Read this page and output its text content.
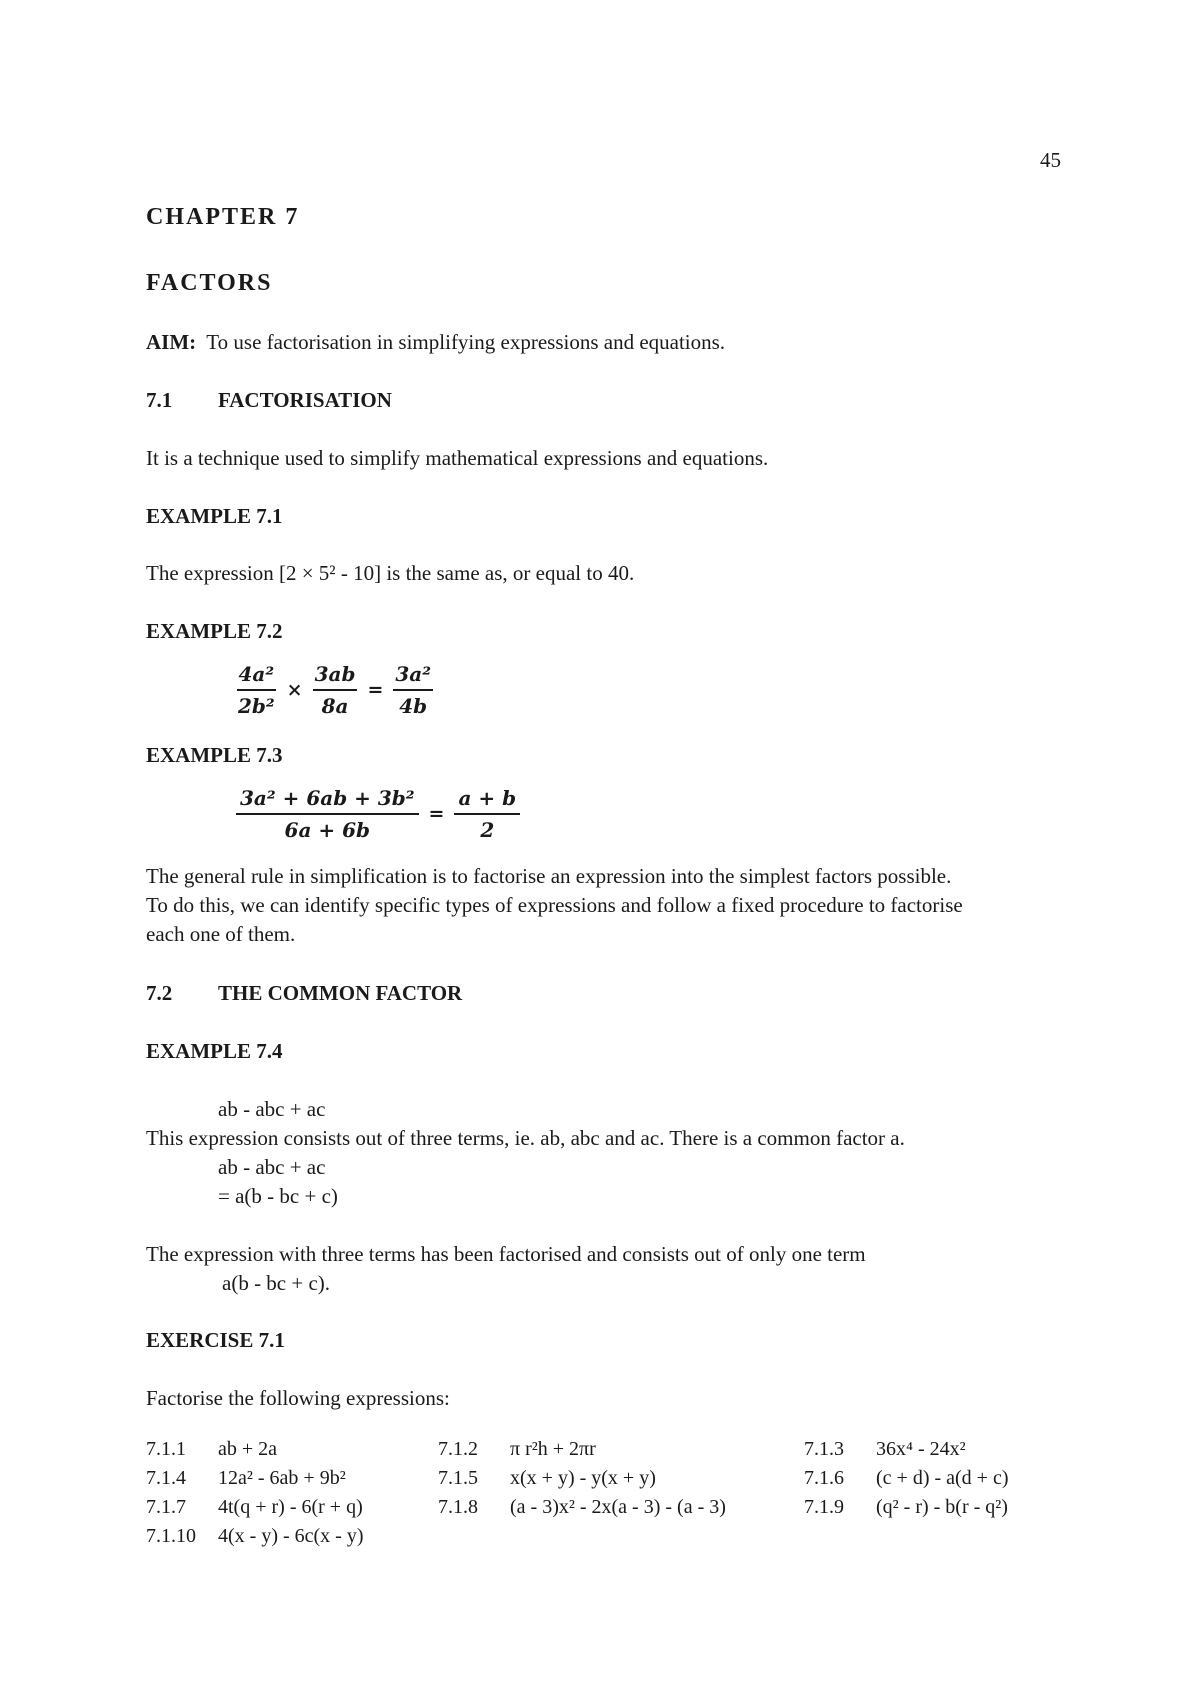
45
CHAPTER 7
FACTORS
AIM: To use factorisation in simplifying expressions and equations.
7.1 FACTORISATION
It is a technique used to simplify mathematical expressions and equations.
EXAMPLE 7.1
The expression [2 × 5² - 10] is the same as, or equal to 40.
EXAMPLE 7.2
$\frac{\text{4a²}}{\text{2b²}} \times \frac{3ab}{8a} = \frac{\text{3a²}}{4b}$
EXAMPLE 7.3
$\frac{\text{3a² + 6ab + 3b²}}{6a + 6b} = \frac{a + b}{2}$
The general rule in simplification is to factorise an expression into the simplest factors possible.
To do this, we can identify specific types of expressions and follow a fixed procedure to factorise
each one of them.
7.2 THE COMMON FACTOR
EXAMPLE 7.4
ab - abc + ac
This expression consists out of three terms, ie. ab, abc and ac. There is a common factor a.
ab - abc + ac
= a(b - bc + c)
The expression with three terms has been factorised and consists out of only one term
a(b - bc + c).
EXERCISE 7.1
Factorise the following expressions:
7.1.1 ab + 2a	7.1.2 π r²h + 2πr	7.1.3 36x⁴ - 24x²
7.1.4 12a² - 6ab + 9b²	7.1.5 x(x + y) - y(x + y)	7.1.6 (c + d) - a(d + c)
7.1.7 4t(q + r) - 6(r + q)	7.1.8 (a - 3)x² - 2x(a - 3) - (a - 3)	7.1.9 (q² - r) - b(r - q²)
7.1.10 4(x - y) - 6c(x - y)
